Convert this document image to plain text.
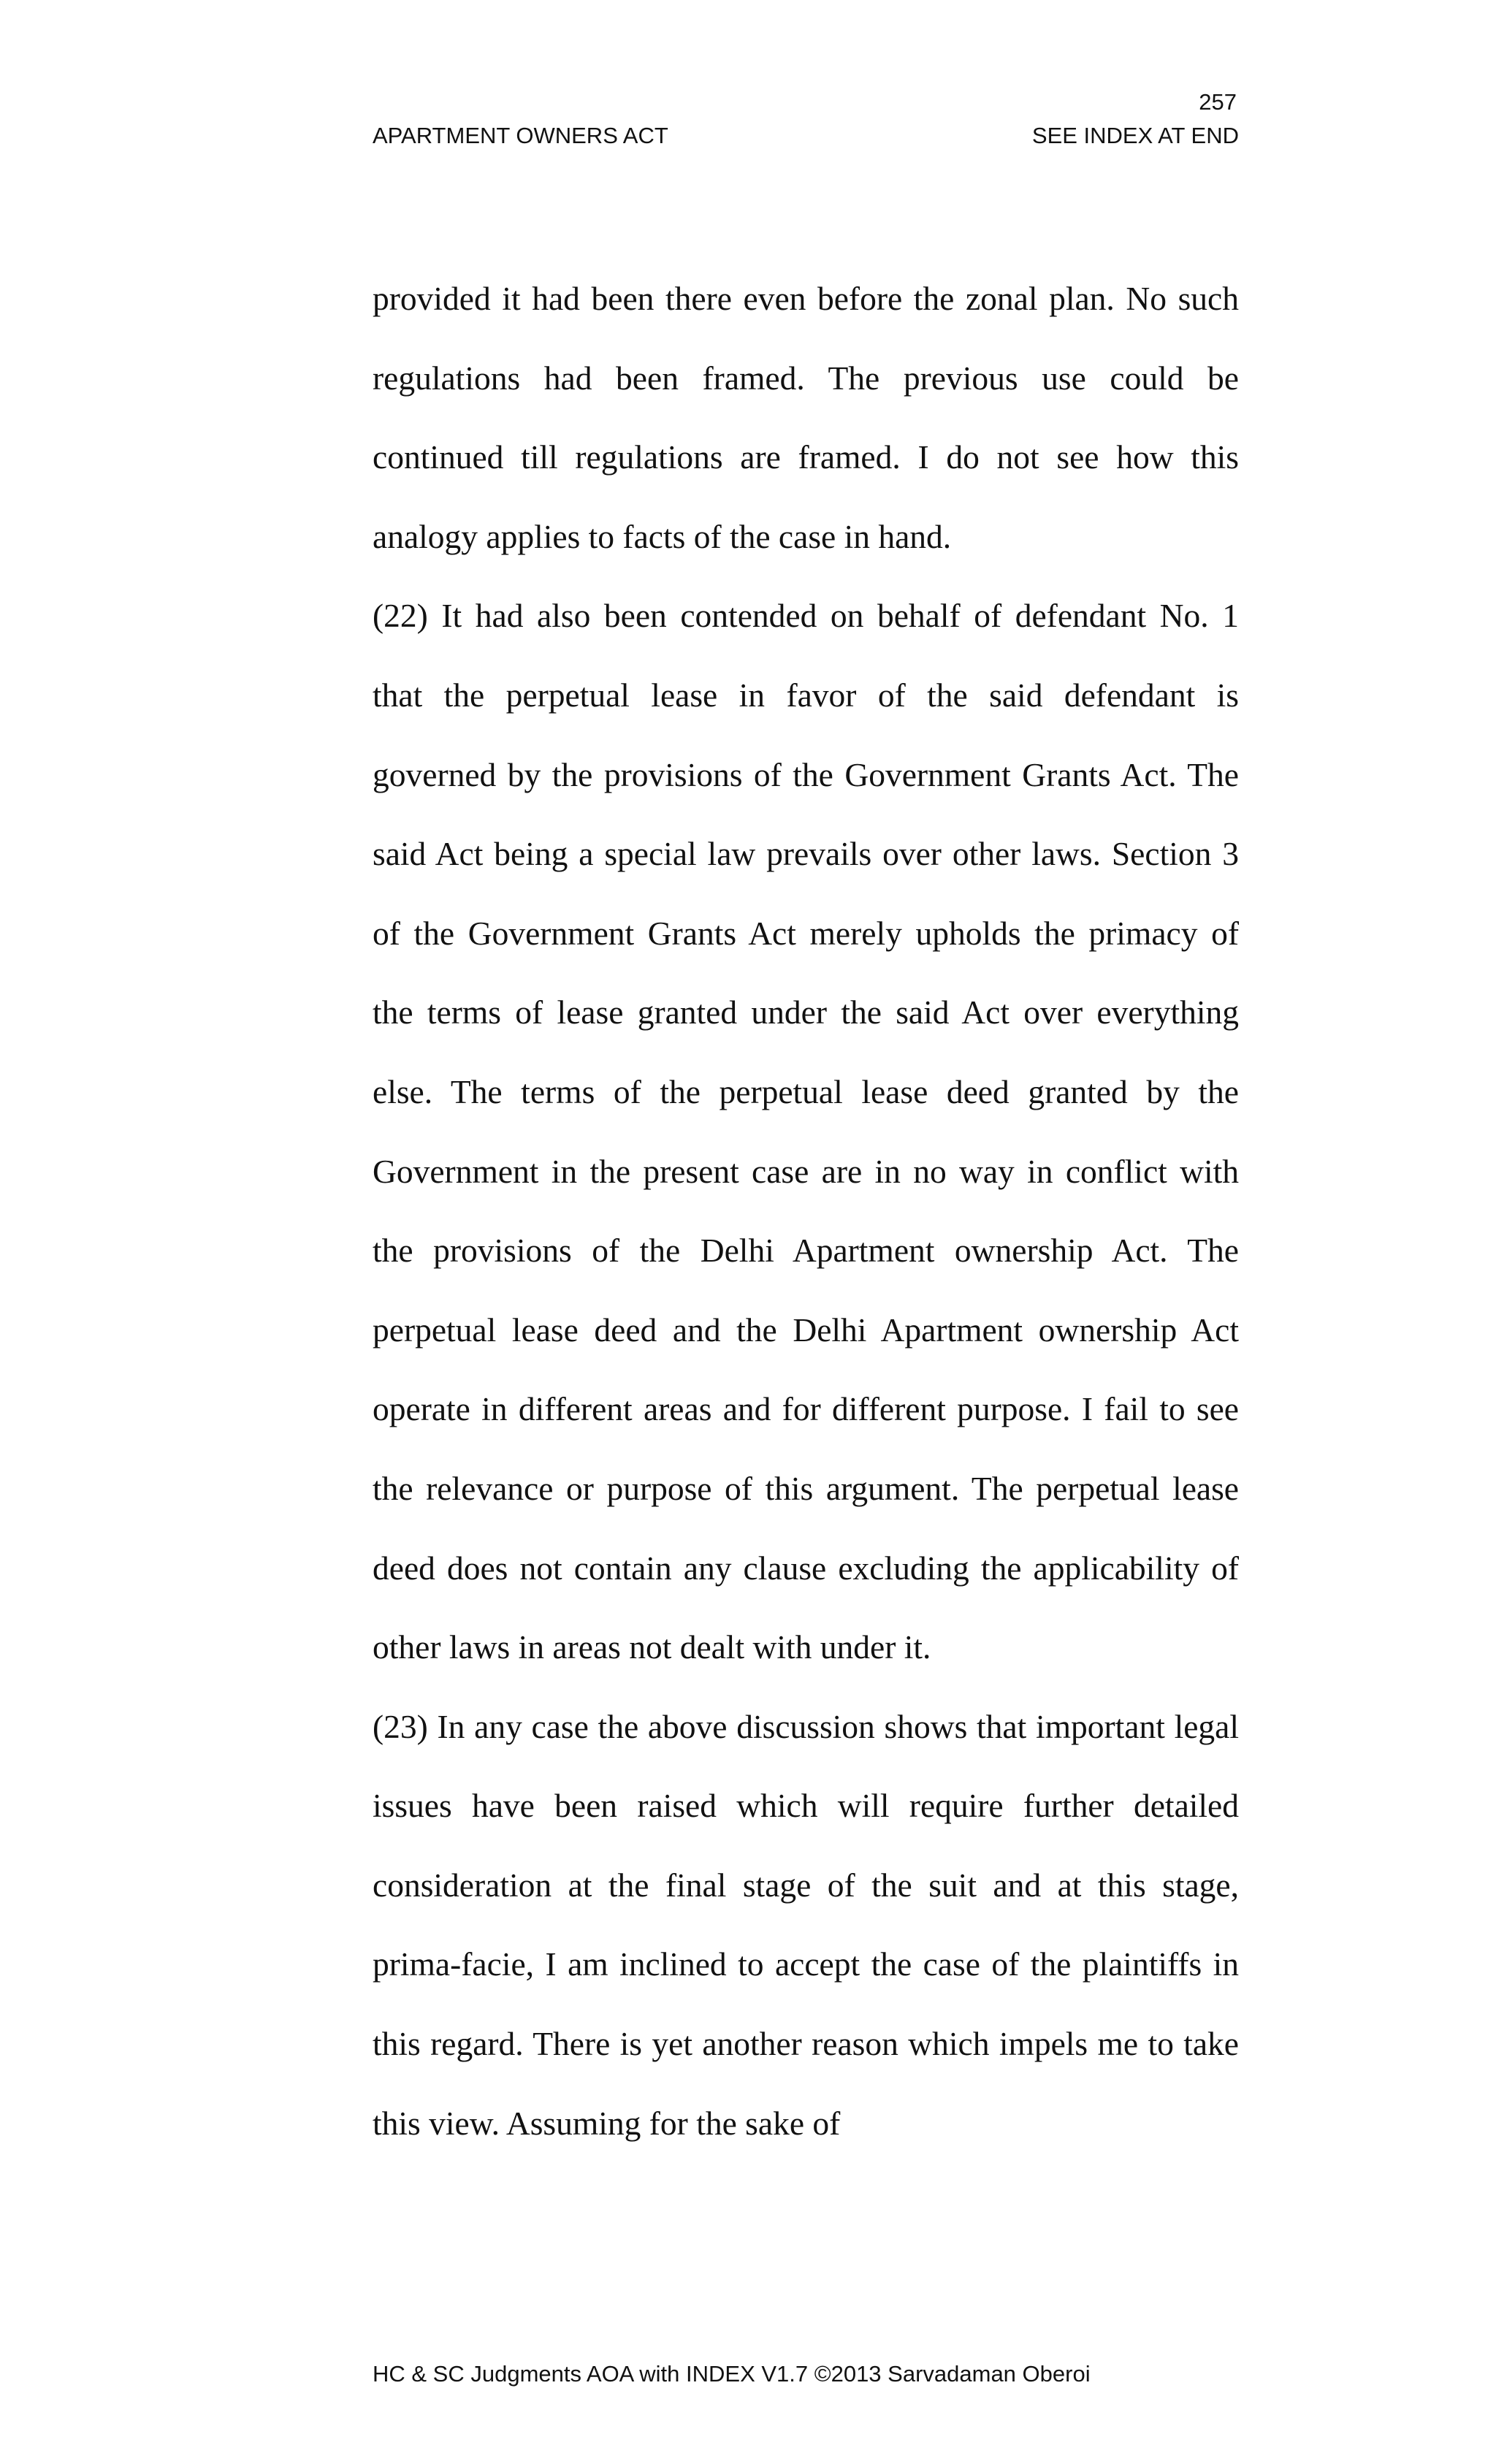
257
APARTMENT OWNERS ACT	SEE INDEX AT END

provided it had been there even before the zonal plan. No such regulations had been framed. The previous use could be continued till regulations are framed. I do not see how this analogy applies to facts of the case in hand.

(22) It had also been contended on behalf of defendant No. 1 that the perpetual lease in favor of the said defendant is governed by the provisions of the Government Grants Act. The said Act being a special law prevails over other laws. Section 3 of the Government Grants Act merely upholds the primacy of the terms of lease granted under the said Act over everything else. The terms of the perpetual lease deed granted by the Government in the present case are in no way in conflict with the provisions of the Delhi Apartment ownership Act. The perpetual lease deed and the Delhi Apartment ownership Act operate in different areas and for different purpose. I fail to see the relevance or purpose of this argument. The perpetual lease deed does not contain any clause excluding the applicability of other laws in areas not dealt with under it.

(23) In any case the above discussion shows that important legal issues have been raised which will require further detailed consideration at the final stage of the suit and at this stage, prima-facie, I am inclined to accept the case of the plaintiffs in this regard. There is yet another reason which impels me to take this view. Assuming for the sake of

HC & SC Judgments AOA with INDEX V1.7 ©2013 Sarvadaman Oberoi
